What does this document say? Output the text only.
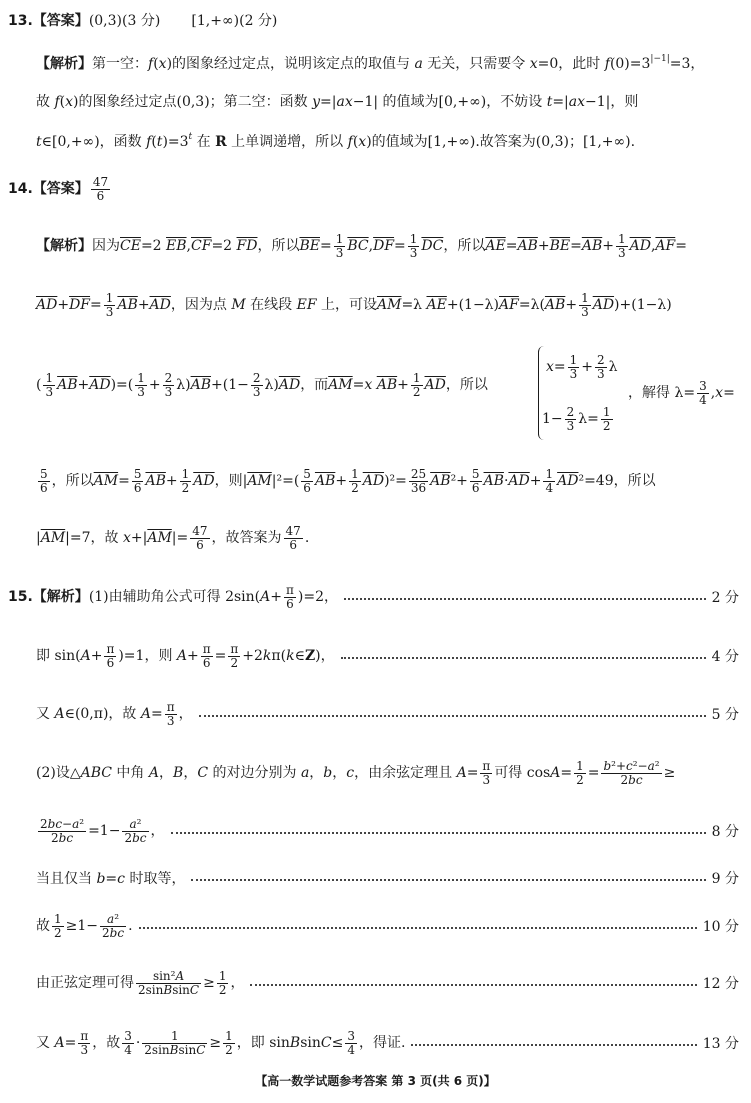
13.【答案】(0,3)(3 分)       [1,+∞)(2 分)
【解析】第一空：f(x)的图象经过定点，说明该定点的取值与 a 无关，只需要令 x=0，此时 $f(0)=3^{|-1|}=3$，
故 f(x)的图象经过定点(0,3)；第二空：函数 y=|ax−1| 的值域为[0,+∞)，不妨设 t=|ax−1|，则
t∈[0,+∞)，函数 $f(t)=3^t$ 在 R 上单调递增，所以 f(x)的值域为[1,+∞).故答案为(0,3)；[1,+∞).
14.【答案】 $\frac{47}{6}$
【解析】因为$\overline{CE}=2$ $\overline{EB},\overline{CF}=2$ $\overline{FD}$，所以$\overline{BE}= \frac{1}{3} \overline{BC},\overline{DF}= \frac{1}{3} \overline{DC}$，所以$\overline{AE}=\overline{AB}+\overline{BE}=\overline{AB}+ \frac{1}{3} \overline{AD},\overline{AF}=$
$\overline{AD}+\overline{DF}= \frac{1}{3} \overline{AB}+\overline{AD}$，因为点 M 在线段 EF 上，可设$\overline{AM}=\lambda$ $\overline{AE}+(1-\lambda)\overline{AF}=\lambda(\overline{AB}+ \frac{1}{3} \overline{AD})+(1-\lambda)$
( $\frac{1}{3} \overline{AB}+\overline{AD})=( \frac{1}{3} + \frac{2}{3} \lambda)\overline{AB}+(1- \frac{2}{3} \lambda)\overline{AD}$，而$\overline{AM}=x$ $\overline{AB}+ \frac{1}{2} \overline{AD}$，所以
$x= \frac{1}{3} + \frac{2}{3}$ λ
$1- \frac{2}{3} \lambda= \frac{1}{2}$
，解得 $\lambda= \frac{3}{4} ,x=$
$\frac{5}{6}$ ，所以$\overline{AM}= \frac{5}{6} \overline{AB}+ \frac{1}{2} \overline{AD}$，则$|\overline{AM}|^2=( \frac{5}{6} \overline{AB}+ \frac{1}{2} \overline{AD})^2= \frac{25}{36} \overline{AB}^2+ \frac{5}{6} \overline{AB}\cdot\overline{AD}+ \frac{1}{4} \overline{AD}^2=49$，所以
$|\overline{AM}|=7$，故 $x+|\overline{AM}|= \frac{47}{6}$ ，故答案为 $\frac{47}{6}$ .
15.【解析】(1)由辅助角公式可得 $2\sin(A+ \frac{\pi}{6} )=2$，	2 分
即 $\sin(A+ \frac{\pi}{6} )=1$，则 $A+ \frac{\pi}{6} = \frac{\pi}{2}$ +2kπ(k∈Z)，	4 分
又 A∈(0,π)，故 $A= \frac{\pi}{3}$ ，	5 分
(2)设△ABC 中角 A，B，C 的对边分别为 a，b，c，由余弦定理且 $A= \frac{\pi}{3}$ 可得 $\cos A= \frac{1}{2} = \frac{\text{b²+c²−a²}}{2bc}$ ≥
$\frac{\text{2bc−a²}}{2bc} =1- \frac{\text{a²}}{2bc}$ ，	8 分
当且仅当 b=c 时取等，	9 分
故 $\frac{1}{2} \ge 1- \frac{\text{a²}}{2bc}$ .	10 分
由正弦定理可得 $\frac{\text{sin²A}}{\text{2sinBsinC}} \ge \frac{1}{2}$ ，	12 分
又 $A= \frac{\pi}{3}$ ，故 $\frac{3}{4} \cdot \frac{1}{\text{2sinBsinC}} \ge \frac{1}{2}$ ，即 sinBsinC≤ $\frac{3}{4}$ ，得证.	13 分
【高一数学试题参考答案 第 3 页(共 6 页)】
